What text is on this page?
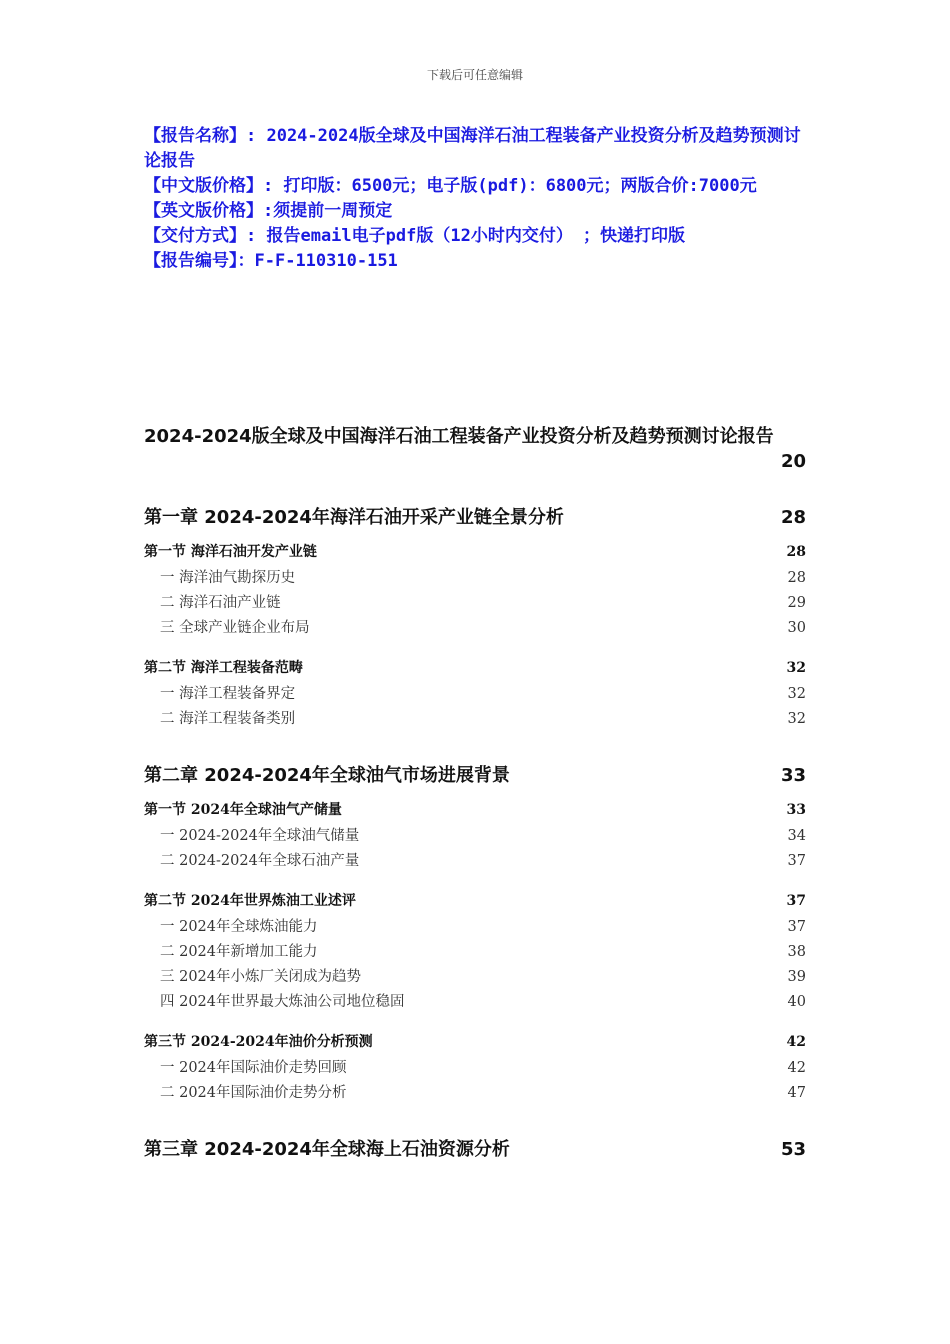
下载后可任意编辑

【报告名称】: 2024-2024版全球及中国海洋石油工程装备产业投资分析及趋势预测讨论报告

【中文版价格】: 打印版：6500元；电子版(pdf)：6800元；两版合价:7000元

【英文版价格】:须提前一周预定

【交付方式】: 报告email电子pdf版（12小时内交付） ；快递打印版

【报告编号】：F-F-110310-151

2024-2024版全球及中国海洋石油工程装备产业投资分析及趋势预测讨论报告
20
第一章 2024-2024年海洋石油开采产业链全景分析	28
第一节 海洋石油开发产业链	28
一 海洋油气勘探历史	28
二 海洋石油产业链	29
三 全球产业链企业布局	30
第二节 海洋工程装备范畴	32
一 海洋工程装备界定	32
二 海洋工程装备类别	32
第二章 2024-2024年全球油气市场进展背景	33
第一节 2024年全球油气产储量	33
一 2024-2024年全球油气储量	34
二 2024-2024年全球石油产量	37
第二节 2024年世界炼油工业述评	37
一 2024年全球炼油能力	37
二 2024年新增加工能力	38
三 2024年小炼厂关闭成为趋势	39
四 2024年世界最大炼油公司地位稳固	40
第三节 2024-2024年油价分析预测	42
一 2024年国际油价走势回顾	42
二 2024年国际油价走势分析	47
第三章 2024-2024年全球海上石油资源分析	53
